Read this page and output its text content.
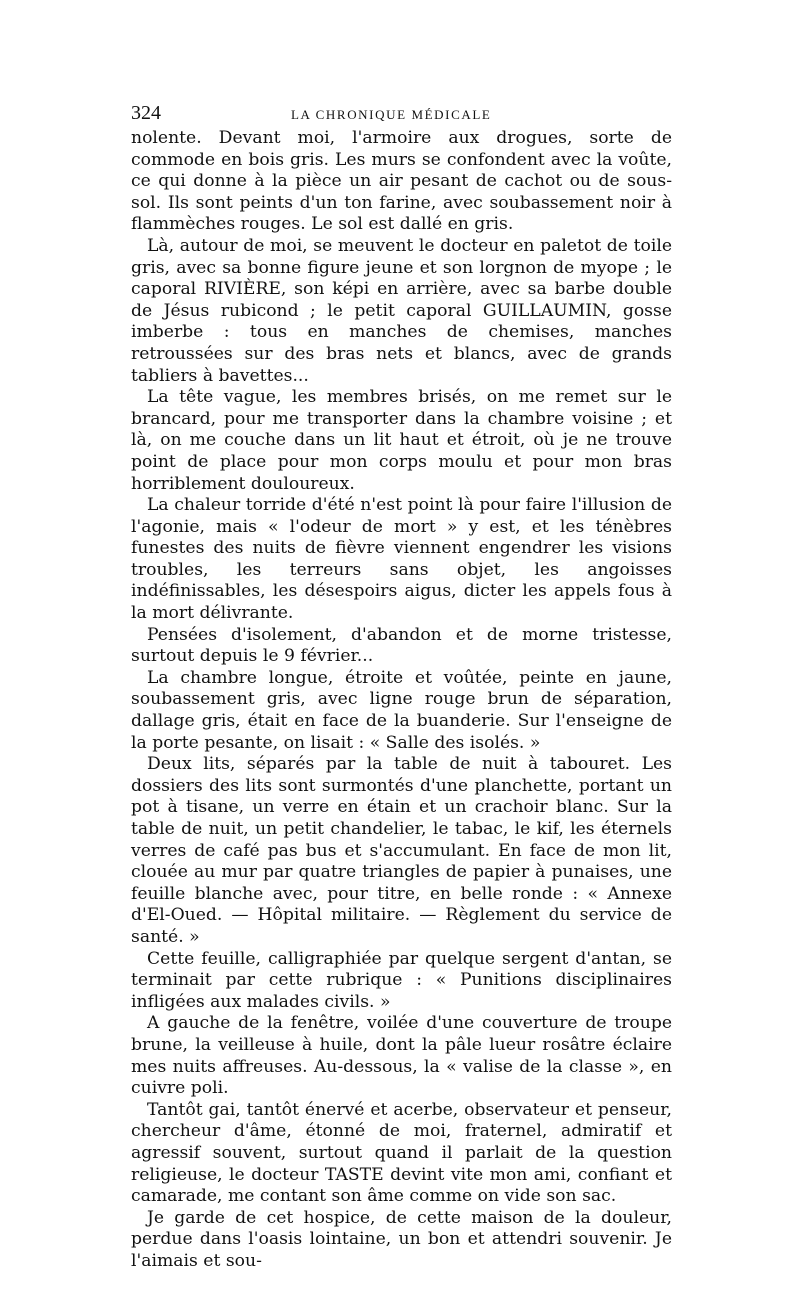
324	LA CHRONIQUE MÉDICALE

nolente. Devant moi, l'armoire aux drogues, sorte de commode en bois gris. Les murs se confondent avec la voûte, ce qui donne à la pièce un air pesant de cachot ou de sous-sol. Ils sont peints d'un ton farine, avec soubassement noir à flammèches rouges. Le sol est dallé en gris.

Là, autour de moi, se meuvent le docteur en paletot de toile gris, avec sa bonne figure jeune et son lorgnon de myope ; le caporal RIVIÈRE, son képi en arrière, avec sa barbe double de Jésus rubicond ; le petit caporal GUILLAUMIN, gosse imberbe : tous en manches de chemises, manches retroussées sur des bras nets et blancs, avec de grands tabliers à bavettes...

La tête vague, les membres brisés, on me remet sur le brancard, pour me transporter dans la chambre voisine ; et là, on me couche dans un lit haut et étroit, où je ne trouve point de place pour mon corps moulu et pour mon bras horriblement douloureux.

La chaleur torride d'été n'est point là pour faire l'illusion de l'agonie, mais « l'odeur de mort » y est, et les ténèbres funestes des nuits de fièvre viennent engendrer les visions troubles, les terreurs sans objet, les angoisses indéfinissables, les désespoirs aigus, dicter les appels fous à la mort délivrante.

Pensées d'isolement, d'abandon et de morne tristesse, surtout depuis le 9 février...

La chambre longue, étroite et voûtée, peinte en jaune, soubassement gris, avec ligne rouge brun de séparation, dallage gris, était en face de la buanderie. Sur l'enseigne de la porte pesante, on lisait : « Salle des isolés. »

Deux lits, séparés par la table de nuit à tabouret. Les dossiers des lits sont surmontés d'une planchette, portant un pot à tisane, un verre en étain et un crachoir blanc. Sur la table de nuit, un petit chandelier, le tabac, le kif, les éternels verres de café pas bus et s'accumulant. En face de mon lit, clouée au mur par quatre triangles de papier à punaises, une feuille blanche avec, pour titre, en belle ronde : « Annexe d'El-Oued. — Hôpital militaire. — Règlement du service de santé. »

Cette feuille, calligraphiée par quelque sergent d'antan, se terminait par cette rubrique : « Punitions disciplinaires infligées aux malades civils. »

A gauche de la fenêtre, voilée d'une couverture de troupe brune, la veilleuse à huile, dont la pâle lueur rosâtre éclaire mes nuits affreuses. Au-dessous, la « valise de la classe », en cuivre poli.

Tantôt gai, tantôt énervé et acerbe, observateur et penseur, chercheur d'âme, étonné de moi, fraternel, admiratif et agressif souvent, surtout quand il parlait de la question religieuse, le docteur TASTE devint vite mon ami, confiant et camarade, me contant son âme comme on vide son sac.

Je garde de cet hospice, de cette maison de la douleur, perdue dans l'oasis lointaine, un bon et attendri souvenir. Je l'aimais et sou-
